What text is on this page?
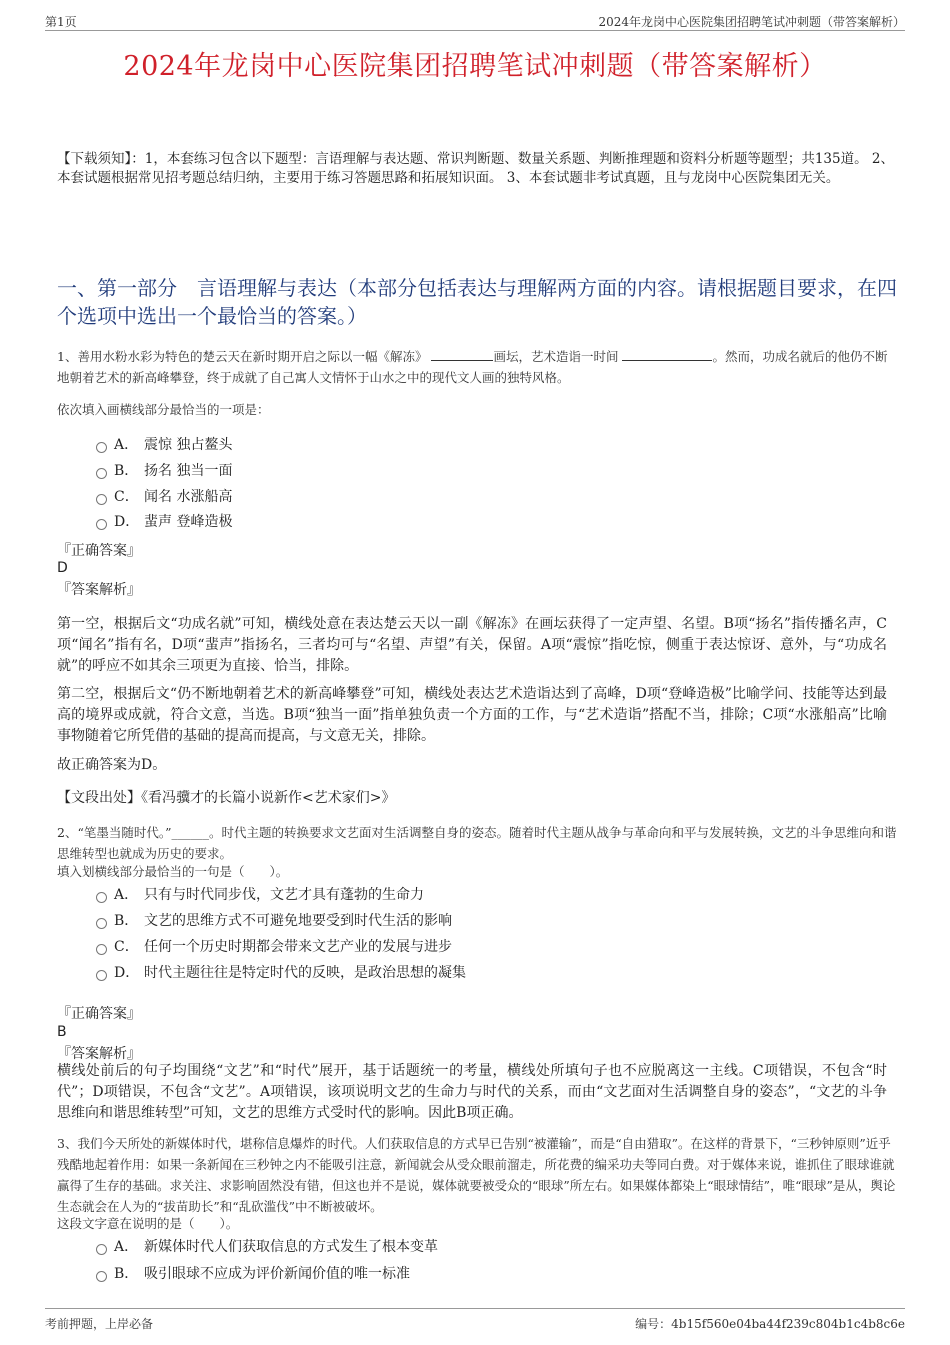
第1页	2024年龙岗中心医院集团招聘笔试冲刺题（带答案解析）
2024年龙岗中心医院集团招聘笔试冲刺题（带答案解析）
【下载须知】：1，本套练习包含以下题型：言语理解与表达题、常识判断题、数量关系题、判断推理题和资料分析题等题型；共135道。 2、本套试题根据常见招考题总结归纳，主要用于练习答题思路和拓展知识面。 3、本套试题非考试真题，且与龙岗中心医院集团无关。
一、第一部分　言语理解与表达（本部分包括表达与理解两方面的内容。请根据题目要求，在四个选项中选出一个最恰当的答案。）
1、善用水粉水彩为特色的楚云天在新时期开启之际以一幅《解冻》	画坛，艺术造诣一时间	。然而，功成名就后的他仍不断地朝着艺术的新高峰攀登，终于成就了自己寓人文情怀于山水之中的现代文人画的独特风格。
依次填入画横线部分最恰当的一项是：
A． 震惊 独占鳌头
B． 扬名 独当一面
C． 闻名 水涨船高
D． 蜚声 登峰造极
『正确答案』
D
『答案解析』
第一空，根据后文“功成名就”可知，横线处意在表达楚云天以一副《解冻》在画坛获得了一定声望、名望。B项“扬名”指传播名声，C项“闻名”指有名，D项“蜚声”指扬名，三者均可与“名望、声望”有关，保留。A项“震惊”指吃惊，侧重于表达惊讶、意外，与“功成名就”的呼应不如其余三项更为直接、恰当，排除。
第二空，根据后文“仍不断地朝着艺术的新高峰攀登”可知，横线处表达艺术造诣达到了高峰，D项“登峰造极”比喻学问、技能等达到最高的境界或成就，符合文意，当选。B项“独当一面”指单独负责一个方面的工作，与“艺术造诣”搭配不当，排除；C项“水涨船高”比喻事物随着它所凭借的基础的提高而提高，与文意无关，排除。
故正确答案为D。
【文段出处】《看冯骥才的长篇小说新作<艺术家们>》
2、“笔墨当随时代。”______。时代主题的转换要求文艺面对生活调整自身的姿态。随着时代主题从战争与革命向和平与发展转换，文艺的斗争思维向和谐思维转型也就成为历史的要求。
填入划横线部分最恰当的一句是（　　）。
A． 只有与时代同步伐，文艺才具有蓬勃的生命力
B． 文艺的思维方式不可避免地要受到时代生活的影响
C． 任何一个历史时期都会带来文艺产业的发展与进步
D． 时代主题往往是特定时代的反映，是政治思想的凝集
『正确答案』
B
『答案解析』
横线处前后的句子均围绕“文艺”和“时代”展开，基于话题统一的考量，横线处所填句子也不应脱离这一主线。C项错误，不包含“时代”；D项错误，不包含“文艺”。A项错误，该项说明文艺的生命力与时代的关系，而由“文艺面对生活调整自身的姿态”，“文艺的斗争思维向和谐思维转型”可知，文艺的思维方式受时代的影响。因此B项正确。
3、我们今天所处的新媒体时代，堪称信息爆炸的时代。人们获取信息的方式早已告别“被灌输”，而是“自由猎取”。在这样的背景下，“三秒钟原则”近乎残酷地起着作用：如果一条新闻在三秒钟之内不能吸引注意，新闻就会从受众眼前溜走，所花费的编采功夫等同白费。对于媒体来说，谁抓住了眼球谁就赢得了生存的基础。求关注、求影响固然没有错，但这也并不是说，媒体就要被受众的“眼球”所左右。如果媒体都染上“眼球情结”，唯“眼球”是从，舆论生态就会在人为的“拔苗助长”和“乱砍滥伐”中不断被破坏。
这段文字意在说明的是（　　）。
A． 新媒体时代人们获取信息的方式发生了根本变革
B． 吸引眼球不应成为评价新闻价值的唯一标准
考前押题，上岸必备	编号：4b15f560e04ba44f239c804b1c4b8c6e
